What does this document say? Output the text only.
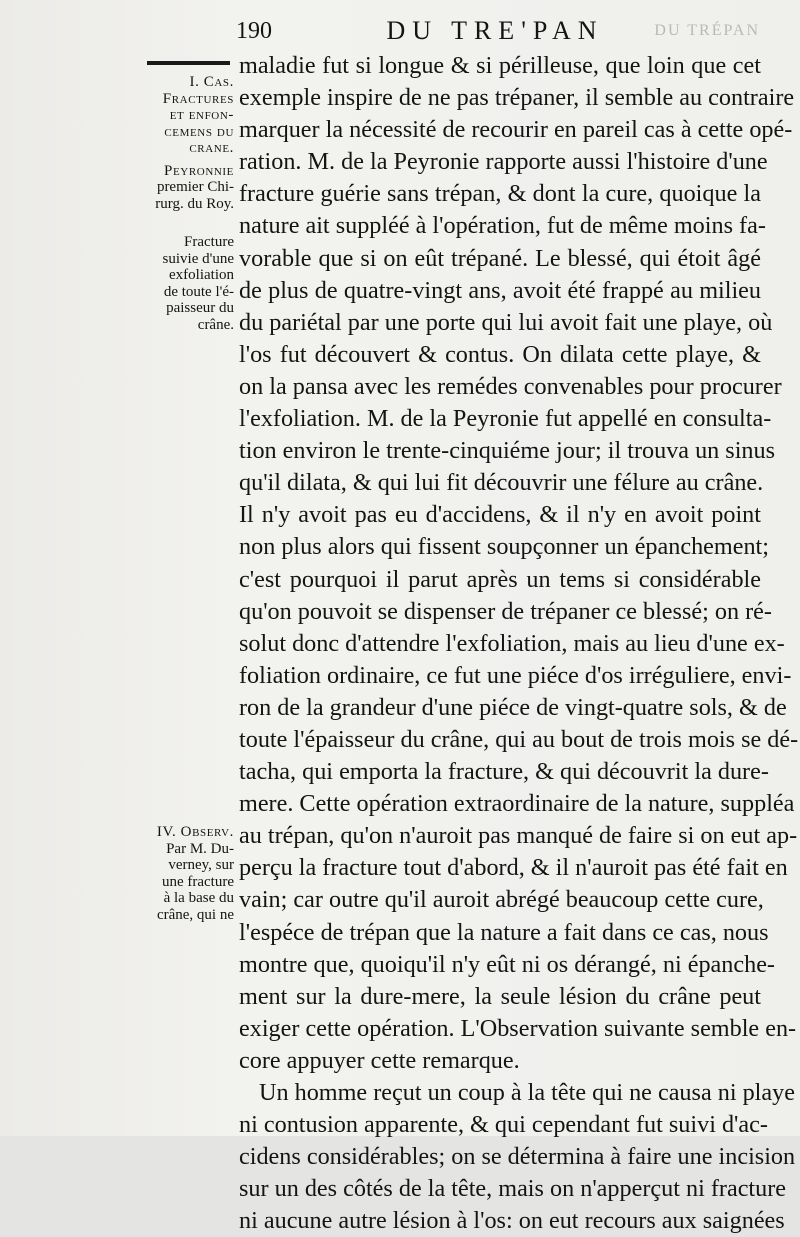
190	DU TRE'PAN	DU TRÉPAN
I. Cas.
Fractures
et enfon-
cemens du
crane.
Peyronnie
premier Chi-
rurg. du Roy.
Fracture
suivie d'une
exfoliation
de toute l'é-
paisseur du
crâne.
IV. Observ.
Par M. Du-
verney, sur
une fracture
à la base du
crâne, qui ne
maladie fut si longue & si périlleuse, que loin que cet
exemple inspire de ne pas trépaner, il semble au contraire
marquer la nécessité de recourir en pareil cas à cette opé-
ration. M. de la Peyronie rapporte aussi l'histoire d'une
fracture guérie sans trépan, & dont la cure, quoique la
nature ait suppléé à l'opération, fut de même moins fa-
vorable que si on eût trépané. Le blessé, qui étoit âgé
de plus de quatre-vingt ans, avoit été frappé au milieu
du pariétal par une porte qui lui avoit fait une playe, où
l'os fut découvert & contus. On dilata cette playe, &
on la pansa avec les remédes convenables pour procurer
l'exfoliation. M. de la Peyronie fut appellé en consulta-
tion environ le trente-cinquiéme jour; il trouva un sinus
qu'il dilata, & qui lui fit découvrir une félure au crâne.
Il n'y avoit pas eu d'accidens, & il n'y en avoit point
non plus alors qui fissent soupçonner un épanchement;
c'est pourquoi il parut après un tems si considérable
qu'on pouvoit se dispenser de trépaner ce blessé; on ré-
solut donc d'attendre l'exfoliation, mais au lieu d'une ex-
foliation ordinaire, ce fut une piéce d'os irréguliere, envi-
ron de la grandeur d'une piéce de vingt-quatre sols, & de
toute l'épaisseur du crâne, qui au bout de trois mois se dé-
tacha, qui emporta la fracture, & qui découvrit la dure-
mere. Cette opération extraordinaire de la nature, suppléa
au trépan, qu'on n'auroit pas manqué de faire si on eut ap-
perçu la fracture tout d'abord, & il n'auroit pas été fait en
vain; car outre qu'il auroit abrégé beaucoup cette cure,
l'espéce de trépan que la nature a fait dans ce cas, nous
montre que, quoiqu'il n'y eût ni os dérangé, ni épanche-
ment sur la dure-mere, la seule lésion du crâne peut
exiger cette opération. L'Observation suivante semble en-
core appuyer cette remarque.
Un homme reçut un coup à la tête qui ne causa ni playe
ni contusion apparente, & qui cependant fut suivi d'ac-
cidens considérables; on se détermina à faire une incision
sur un des côtés de la tête, mais on n'apperçut ni fracture
ni aucune autre lésion à l'os: on eut recours aux saignées
